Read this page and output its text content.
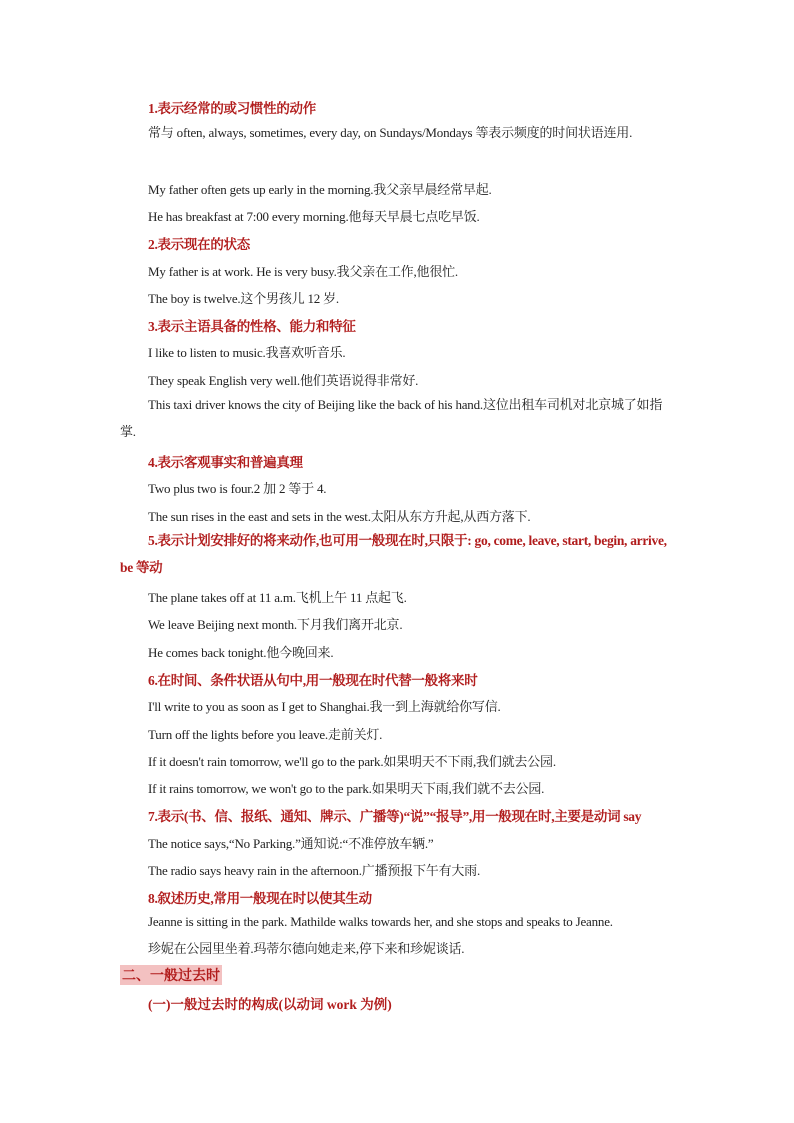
1.表示经常的或习惯性的动作
常与 often, always, sometimes, every day, on Sundays/Mondays 等表示频度的时间状语连用.
My father often gets up early in the morning.我父亲早晨经常早起.
He has breakfast at 7:00 every morning.他每天早晨七点吃早饭.
2.表示现在的状态
My father is at work. He is very busy.我父亲在工作,他很忙.
The boy is twelve.这个男孩儿 12 岁.
3.表示主语具备的性格、能力和特征
I like to listen to music.我喜欢听音乐.
They speak English very well.他们英语说得非常好.
This taxi driver knows the city of Beijing like the back of his hand.这位出租车司机对北京城了如指掌.
4.表示客观事实和普遍真理
Two plus two is four.2 加 2 等于 4.
The sun rises in the east and sets in the west.太阳从东方升起,从西方落下.
5.表示计划安排好的将来动作,也可用一般现在时,只限于: go, come, leave, start, begin, arrive, be 等动
The plane takes off at 11 a.m.飞机上午 11 点起飞.
We leave Beijing next month.下月我们离开北京.
He comes back tonight.他今晚回来.
6.在时间、条件状语从句中,用一般现在时代替一般将来时
I'll write to you as soon as I get to Shanghai.我一到上海就给你写信.
Turn off the lights before you leave.走前关灯.
If it doesn't rain tomorrow, we'll go to the park.如果明天不下雨,我们就去公园.
If it rains tomorrow, we won't go to the park.如果明天下雨,我们就不去公园.
7.表示(书、信、报纸、通知、牌示、广播等)“说”“报导”,用一般现在时,主要是动词 say
The notice says,“No Parking.”通知说:“不准停放车辆.”
The radio says heavy rain in the afternoon.广播预报下午有大雨.
8.叙述历史,常用一般现在时以使其生动
Jeanne is sitting in the park. Mathilde walks towards her, and she stops and speaks to Jeanne.
珍妮在公园里坐着.玛蒂尔德向她走来,停下来和珍妮谈话.
二、一般过去时
(一)一般过去时的构成(以动词 work 为例)
